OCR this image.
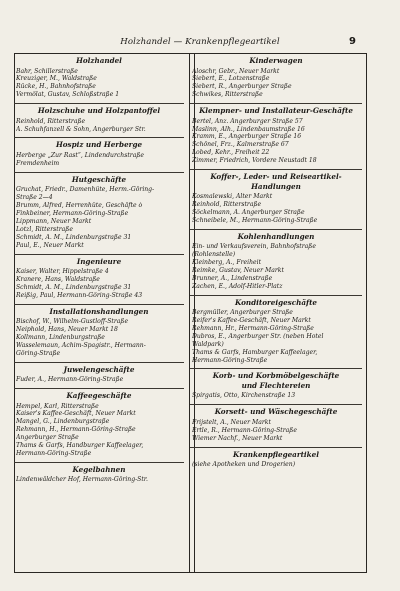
Holzhandel — Krankenpflegeartikel	9
Holzhandel
Bahr, Schillerstraße
Kreuziger, M., Waldstraße
Rücke, H., Bahnhofstraße
Vermölat, Gustav, Schloßstraße 1
Holzschuhe und Holzpantoffel
Reinhold, Ritterstraße
A. Schuhfanzell & Sohn, Angerburger Str.
Hospiz und Herberge
Herberge „Zur Rast“, Lindendurchstraße
Fremdenheim
Hutgeschäfte
Gruchat, Friedr., Damenhüte, Herm.-Göring-
Straße 2—4
Brumm, Alfred, Herrenhüte, Geschäfte ò
Finkbeiner, Hermann-Göring-Straße
Lippmann, Neuer Markt
Lotzl, Ritterstraße
Schmidt, A. M., Lindenburgstraße 31
Paul, E., Neuer Markt
Ingenieure
Kaiser, Walter, Hippelstraße 4
Kranere, Hans, Waldstraße
Schmidt, A. M., Lindenburgstraße 31
Reißig, Paul, Hermann-Göring-Straße 43
Installationshandlungen
Bischof, W., Wilhelm-Gustloff-Straße
Neiphold, Hans, Neuer Markt 18
Kollmann, Lindenburgstraße
Wasselemaun, Achim-Spagistr., Hermann-
Göring-Straße
Juwelengeschäfte
Fuder, A., Hermann-Göring-Straße
Kaffeegeschäfte
Hempel, Karl, Ritterstraße
Kaiser's Kaffee-Geschäft, Neuer Markt
Mangel, G., Lindenburgstraße
Rehmann, H., Hermann-Göring-Straße
Angerburger Straße
Thams & Garfs, Handburger Kaffeelager,
Hermann-Göring-Straße
Kegelbahnen
Lindenwäldcher Hof, Hermann-Göring-Str.
Kinderwagen
Aloschr, Gebr., Neuer Markt
Siebert, E., Lotzenstraße
Siebert, R., Angerburger Straße
Schwikes, Ritterstraße
Klempner- und Installateur-Geschäfte
Bertel, Anz. Angerburger Straße 57
Maslinn, Alh., Lindenbaumstraße 16
Kramm, E., Angerburger Straße 16
Schönel, Frz., Kalmerstraße 67
Lobed, Kehr., Freiheit 22
Zimmer, Friedrich, Vordere Neustadt 18
Koffer-, Leder- und Reiseartikel-
Handlungen
Kosmalewski, Alter Markt
Reinhold, Ritterstraße
Söckelmann, A. Angerburger Straße
Schneibele, M., Hermann-Göring-Straße
Kohlenhandlungen
Ein- und Verkaufsverein, Bahnhofstraße
(Rohlenstelle)
Kleinberg, A., Freiheit
Reimke, Gustav, Neuer Markt
Brunner, A., Lindenstraße
Zachen, E., Adolf-Hitler-Platz
Konditoreigeschäfte
Bergmüller, Angerburger Straße
Reifer's Kaffee-Geschäft, Neuer Markt
Rehmann, Hr., Hermann-Göring-Straße
Dubros, E., Angerburger Str. (neben Hotel
Waldpark)
Thams & Garfs, Hamburger Kaffeelager,
Hermann-Göring-Straße
Korb- und Korbmöbelgeschäfte
und Flechtereien
Spirgatis, Otto, Kirchenstraße 13
Korsett- und Wäschegeschäfte
Frijstelt, A., Neuer Markt
Ertle, R., Hermann-Göring-Straße
Wiemer Nachf., Neuer Markt
Krankenpflegeartikel
(siehe Apotheken und Drogerien)
